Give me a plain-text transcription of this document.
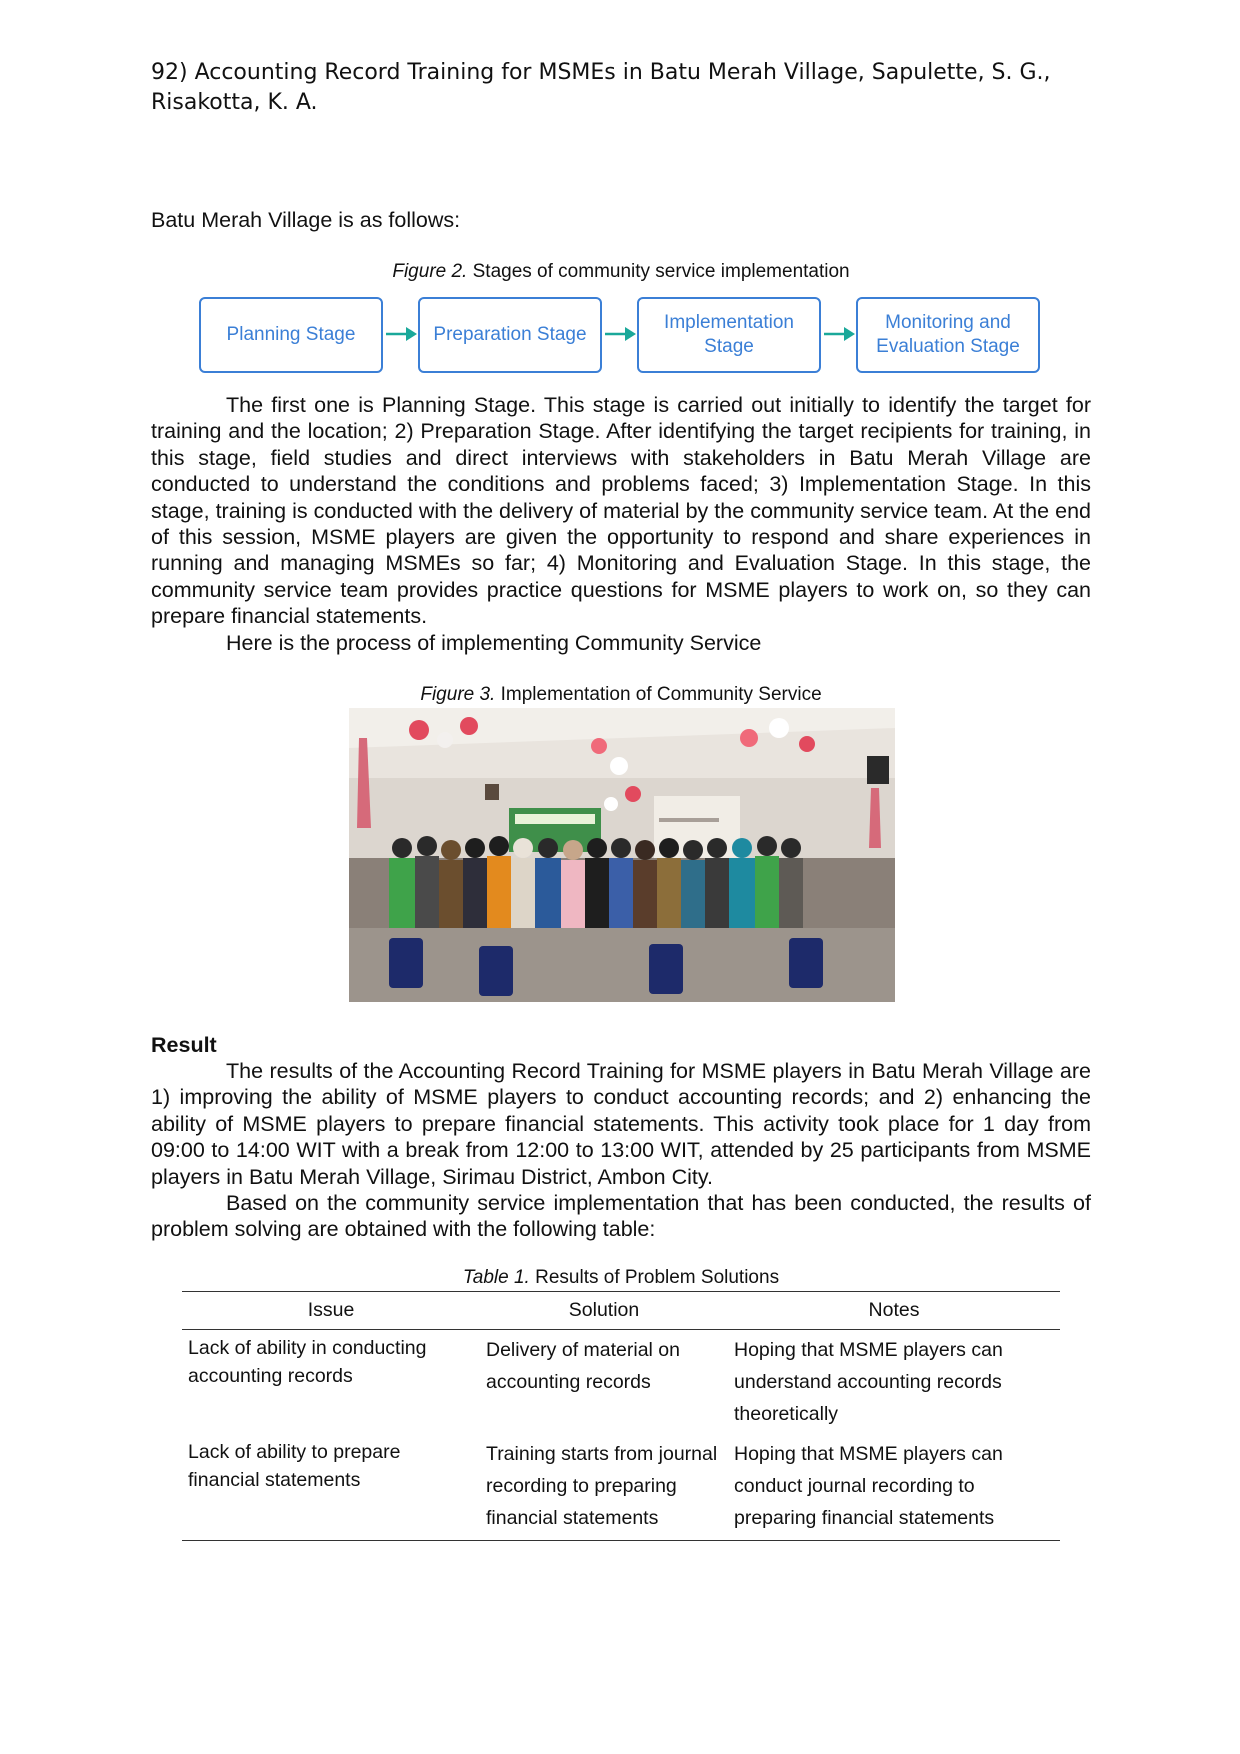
92) Accounting Record Training for MSMEs in Batu Merah Village, Sapulette, S. G., Risakotta, K. A.
Batu Merah Village is as follows:
Figure 2. Stages of community service implementation
Planning Stage	Preparation Stage
Implementation Stage
Monitoring and Evaluation Stage
The first one is Planning Stage. This stage is carried out initially to identify the target for training and the location; 2) Preparation Stage. After identifying the target recipients for training, in this stage, field studies and direct interviews with stakeholders in Batu Merah Village are conducted to understand the conditions and problems faced; 3) Implementation Stage. In this stage, training is conducted with the delivery of material by the community service team. At the end of this session, MSME players are given the opportunity to respond and share experiences in running and managing MSMEs so far; 4) Monitoring and Evaluation Stage. In this stage, the community service team provides practice questions for MSME players to work on, so they can prepare financial statements.
Here is the process of implementing Community Service
Figure 3. Implementation of Community Service
Result
The results of the Accounting Record Training for MSME players in Batu Merah Village are 1) improving the ability of MSME players to conduct accounting records; and 2) enhancing the ability of MSME players to prepare financial statements. This activity took place for 1 day from 09:00 to 14:00 WIT with a break from 12:00 to 13:00 WIT, attended by 25 participants from MSME players in Batu Merah Village, Sirimau District, Ambon City.
Based on the community service implementation that has been conducted, the results of problem solving are obtained with the following table:
Table 1. Results of Problem Solutions
Issue	Solution	Notes
Lack of ability in conducting accounting records	Delivery of material on accounting records	Hoping that MSME players can understand accounting records theoretically
Lack of ability to prepare financial statements	Training starts from journal recording to preparing financial statements	Hoping that MSME players can conduct journal recording to preparing financial statements
